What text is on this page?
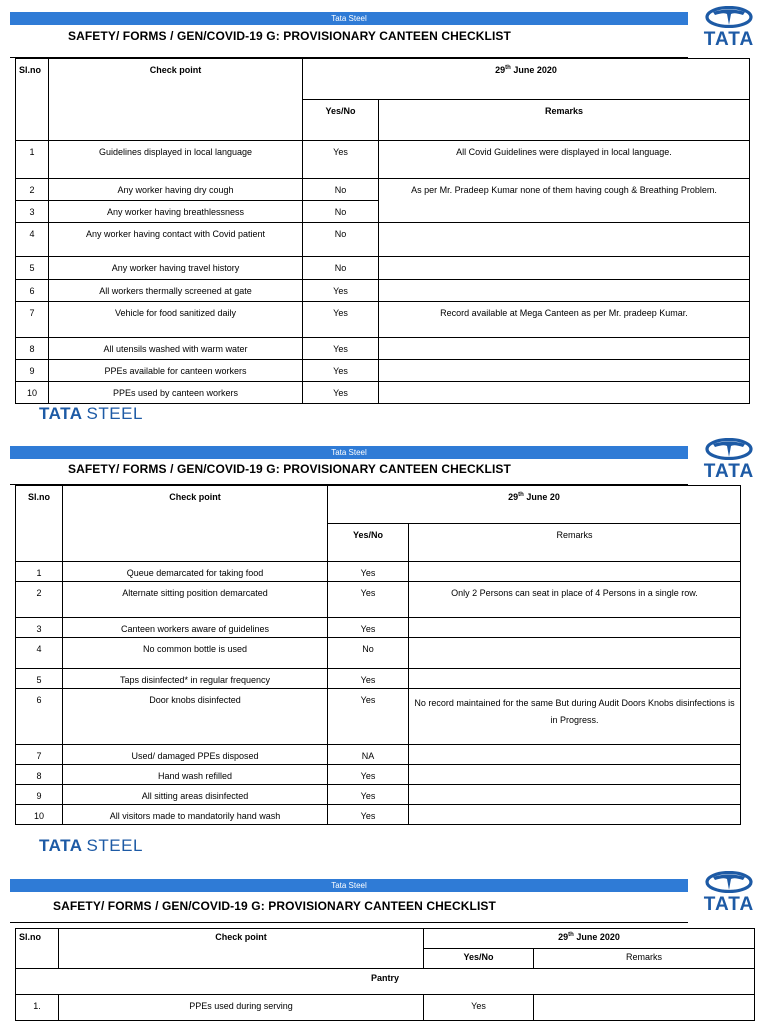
Tata Steel
SAFETY/ FORMS / GEN/COVID-19 G: PROVISIONARY CANTEEN CHECKLIST	TATA
Sl.no	Check point	29th June 2020	
		Yes/No	Remarks
1	Guidelines displayed in local language	Yes	All Covid Guidelines were displayed in local language.
2	Any worker having dry cough	No	As per Mr. Pradeep Kumar none of them having cough & Breathing Problem.
3	Any worker having breathlessness	No	
4	Any worker having contact with Covid patient	No	
5	Any worker having travel history	No	
6	All workers thermally screened at gate	Yes	
7	Vehicle for food sanitized daily	Yes	Record available at Mega Canteen as per Mr. pradeep Kumar.
8	All utensils washed with warm water	Yes	
9	PPEs available for canteen workers	Yes	
10	PPEs used by canteen workers	Yes	
TATA STEEL
Tata Steel
SAFETY/ FORMS / GEN/COVID-19 G: PROVISIONARY CANTEEN CHECKLIST	TATA
Sl.no	Check point	29th June 20	
		Yes/No	Remarks
1	Queue demarcated for taking food	Yes	
2	Alternate sitting position demarcated	Yes	Only 2 Persons can seat in place of 4 Persons in a single row.
3	Canteen workers aware of guidelines	Yes	
4	No common bottle is used	No	
5	Taps disinfected* in regular frequency	Yes	
6	Door knobs disinfected	Yes	No record maintained for the same But during Audit Doors Knobs disinfections is in Progress.
7	Used/ damaged PPEs disposed	NA	
8	Hand wash refilled	Yes	
9	All sitting areas disinfected	Yes	
10	All visitors made to mandatorily hand wash	Yes	
TATA STEEL
Tata Steel
SAFETY/ FORMS / GEN/COVID-19 G: PROVISIONARY CANTEEN CHECKLIST	TATA
Sl.no	Check point	29th June 2020	
		Yes/No	Remarks
Pantry			
1.	PPEs used during serving	Yes	
